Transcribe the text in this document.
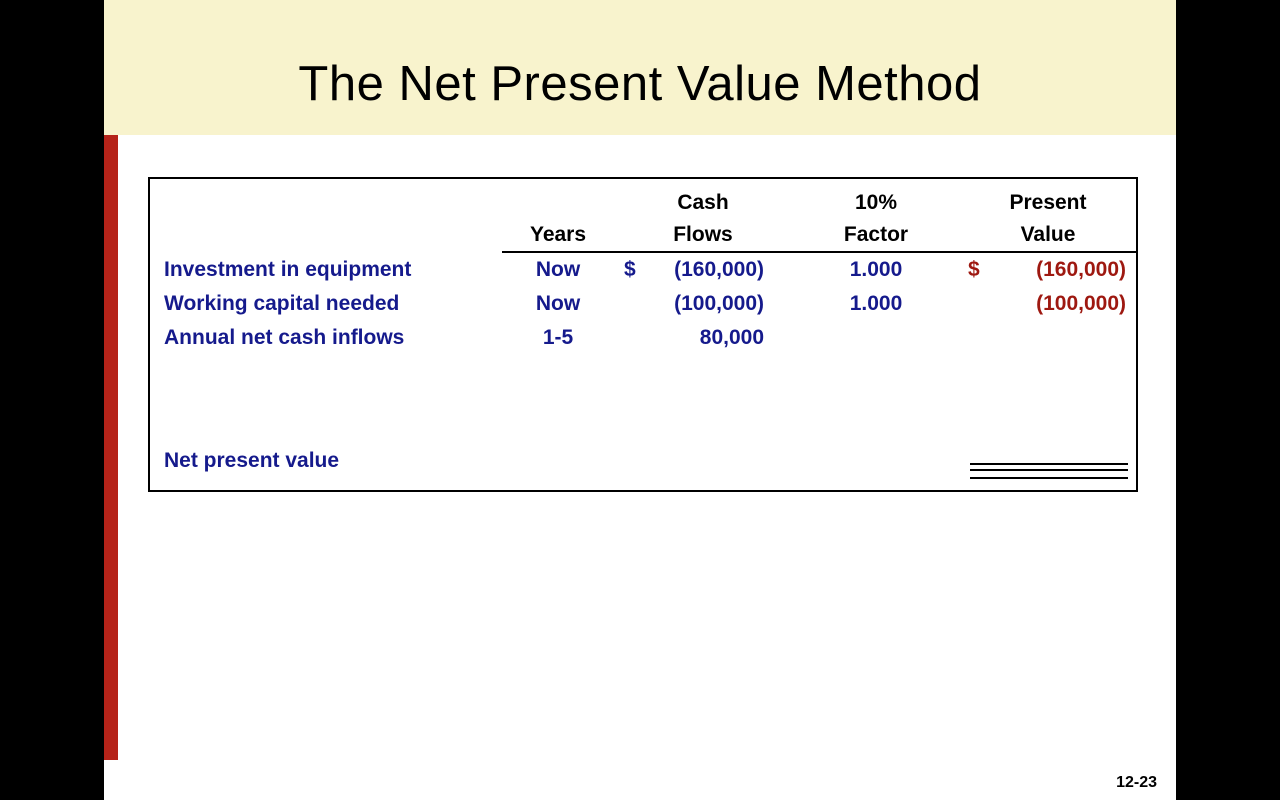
The Net Present Value Method
		Cash	10%	Present
	Years	Flows	Factor	Value
Investment in equipment	Now	$ (160,000)	1.000	$ (160,000)
Working capital needed	Now	(100,000)	1.000	(100,000)
Annual net cash inflows	1-5	80,000		

Net present value				
12-23
